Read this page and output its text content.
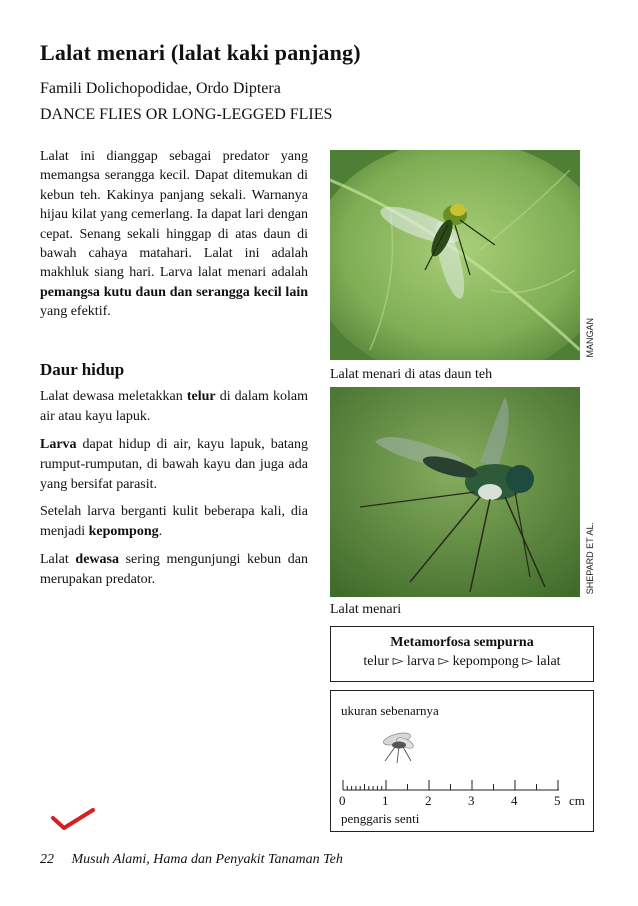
Lalat menari (lalat kaki panjang)
Famili Dolichopodidae, Ordo Diptera
DANCE FLIES OR LONG-LEGGED FLIES
Lalat ini dianggap sebagai predator yang memangsa serangga kecil. Dapat ditemukan di kebun teh. Kakinya panjang sekali. Warnanya hijau kilat yang cemerlang. Ia dapat lari dengan cepat. Senang sekali hinggap di atas daun di bawah cahaya matahari. Lalat ini adalah makhluk siang hari. Larva lalat menari adalah pemangsa kutu daun dan serangga kecil lain yang efektif.
Daur hidup
Lalat dewasa meletakkan telur di dalam kolam air atau kayu lapuk.
Larva dapat hidup di air, kayu lapuk, batang rumput-rumputan, di bawah kayu dan juga ada yang bersifat parasit.
Setelah larva berganti kulit beberapa kali, dia menjadi kepompong.
Lalat dewasa sering mengunjungi kebun dan merupakan predator.
MANGAN
Lalat menari di atas daun teh
SHEPARD ET AL.
Lalat menari
Metamorfosa sempurna
telur ▻ larva ▻ kepompong ▻ lalat
ukuran sebenarnya
0	1	2	3	4	5 cm
penggaris senti
22 Musuh Alami, Hama dan Penyakit Tanaman Teh
